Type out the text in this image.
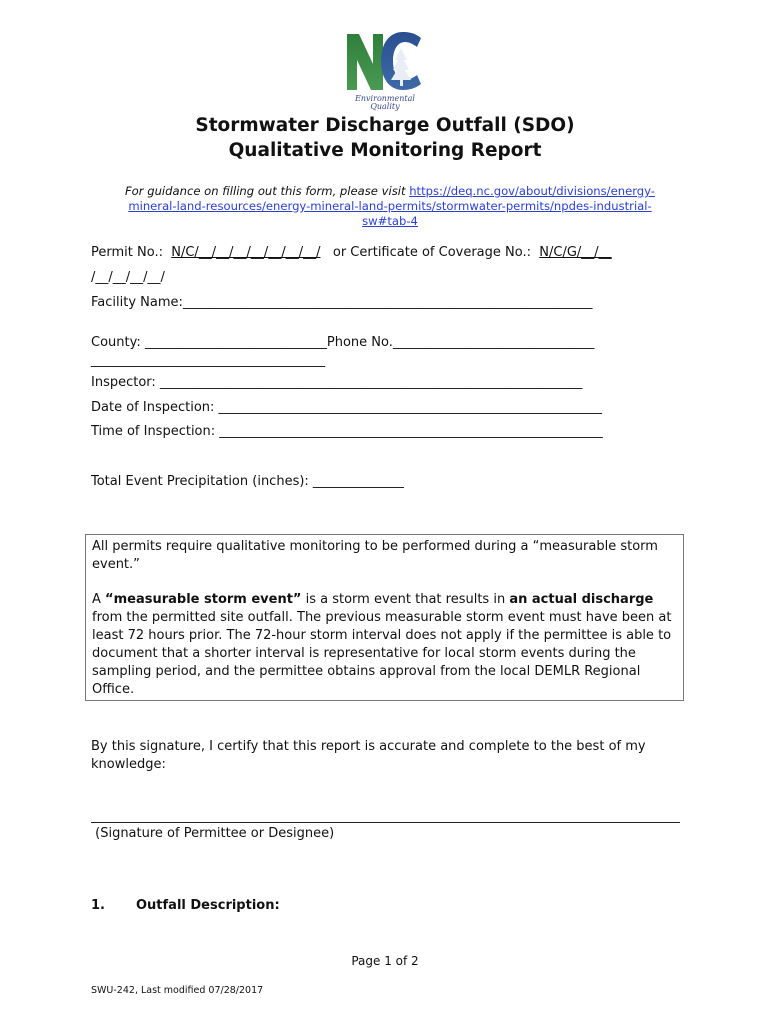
Environmental
Quality
Stormwater Discharge Outfall (SDO)
Qualitative Monitoring Report
For guidance on filling out this form, please visit https://deq.nc.gov/about/divisions/energy-
mineral-land-resources/energy-mineral-land-permits/stormwater-permits/npdes-industrial-
sw#tab-4
Permit No.:  N/C/__/__/__/__/__/__/__/   or Certificate of Coverage No.:  N/C/G/__/__
/__/__/__/__/
Facility Name:_______________________________________________________________
County: ____________________________Phone No._______________________________
____________________________________
Inspector: _________________________________________________________________
Date of Inspection: ___________________________________________________________
Time of Inspection: ___________________________________________________________
Total Event Precipitation (inches): ______________

All permits require qualitative monitoring to be performed during a “measurable storm event.”

A “measurable storm event” is a storm event that results in an actual discharge from the permitted site outfall. The previous measurable storm event must have been at least 72 hours prior. The 72-hour storm interval does not apply if the permittee is able to document that a shorter interval is representative for local storm events during the sampling period, and the permittee obtains approval from the local DEMLR Regional Office.

By this signature, I certify that this report is accurate and complete to the best of my knowledge:
(Signature of Permittee or Designee)
1. Outfall Description:
Page 1 of 2
SWU-242, Last modified 07/28/2017
